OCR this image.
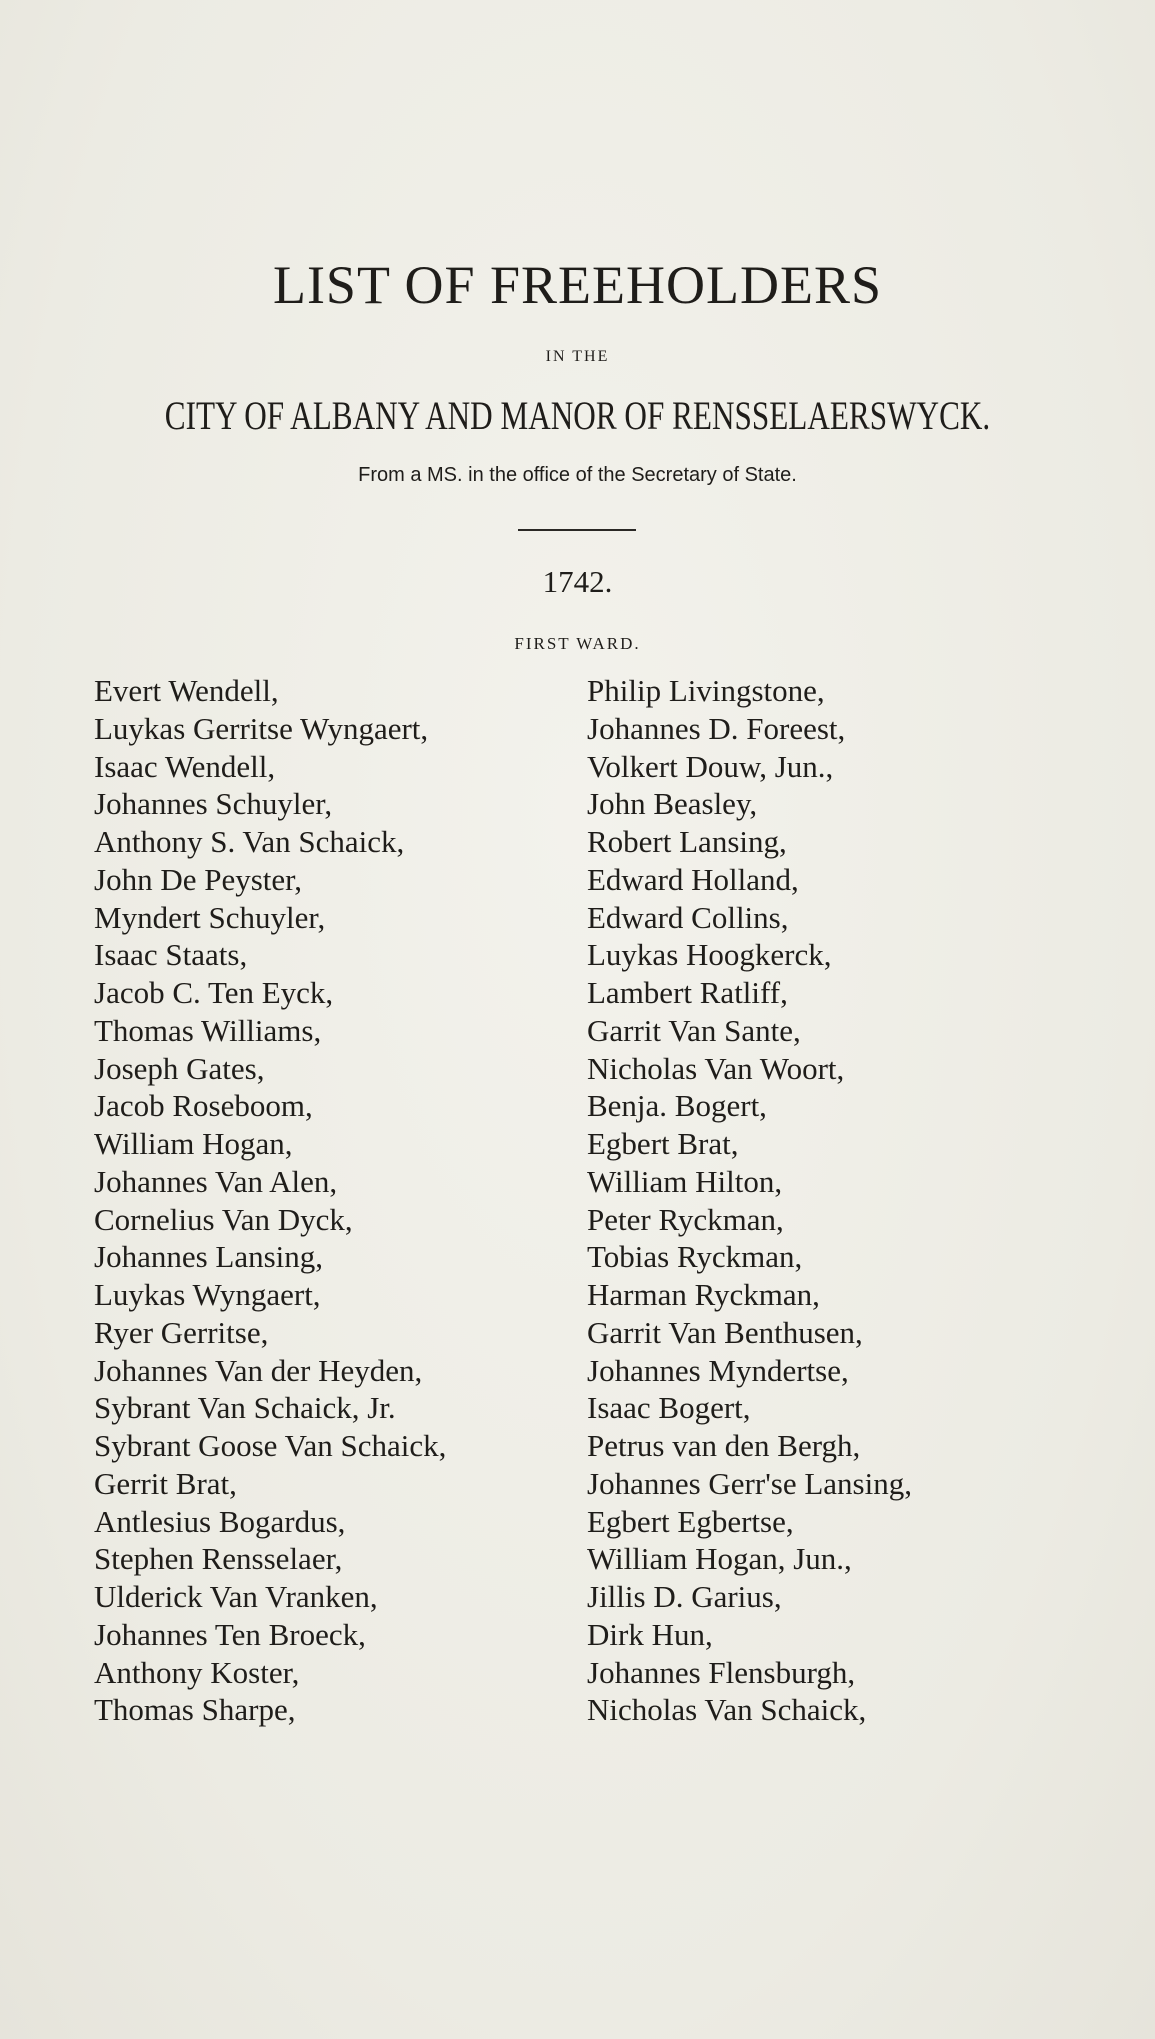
LIST OF FREEHOLDERS
IN THE
CITY OF ALBANY AND MANOR OF RENSSELAERSWYCK.
From a MS. in the office of the Secretary of State.
1742.
FIRST WARD.
Evert Wendell,
Luykas Gerritse Wyngaert,
Isaac Wendell,
Johannes Schuyler,
Anthony S. Van Schaick,
John De Peyster,
Myndert Schuyler,
Isaac Staats,
Jacob C. Ten Eyck,
Thomas Williams,
Joseph Gates,
Jacob Roseboom,
William Hogan,
Johannes Van Alen,
Cornelius Van Dyck,
Johannes Lansing,
Luykas Wyngaert,
Ryer Gerritse,
Johannes Van der Heyden,
Sybrant Van Schaick, Jr.
Sybrant Goose Van Schaick,
Gerrit Brat,
Antlesius Bogardus,
Stephen Rensselaer,
Ulderick Van Vranken,
Johannes Ten Broeck,
Anthony Koster,
Thomas Sharpe,
Philip Livingstone,
Johannes D. Foreest,
Volkert Douw, Jun.,
John Beasley,
Robert Lansing,
Edward Holland,
Edward Collins,
Luykas Hoogkerck,
Lambert Ratliff,
Garrit Van Sante,
Nicholas Van Woort,
Benja. Bogert,
Egbert Brat,
William Hilton,
Peter Ryckman,
Tobias Ryckman,
Harman Ryckman,
Garrit Van Benthusen,
Johannes Myndertse,
Isaac Bogert,
Petrus van den Bergh,
Johannes Gerr'se Lansing,
Egbert Egbertse,
William Hogan, Jun.,
Jillis D. Garius,
Dirk Hun,
Johannes Flensburgh,
Nicholas Van Schaick,
